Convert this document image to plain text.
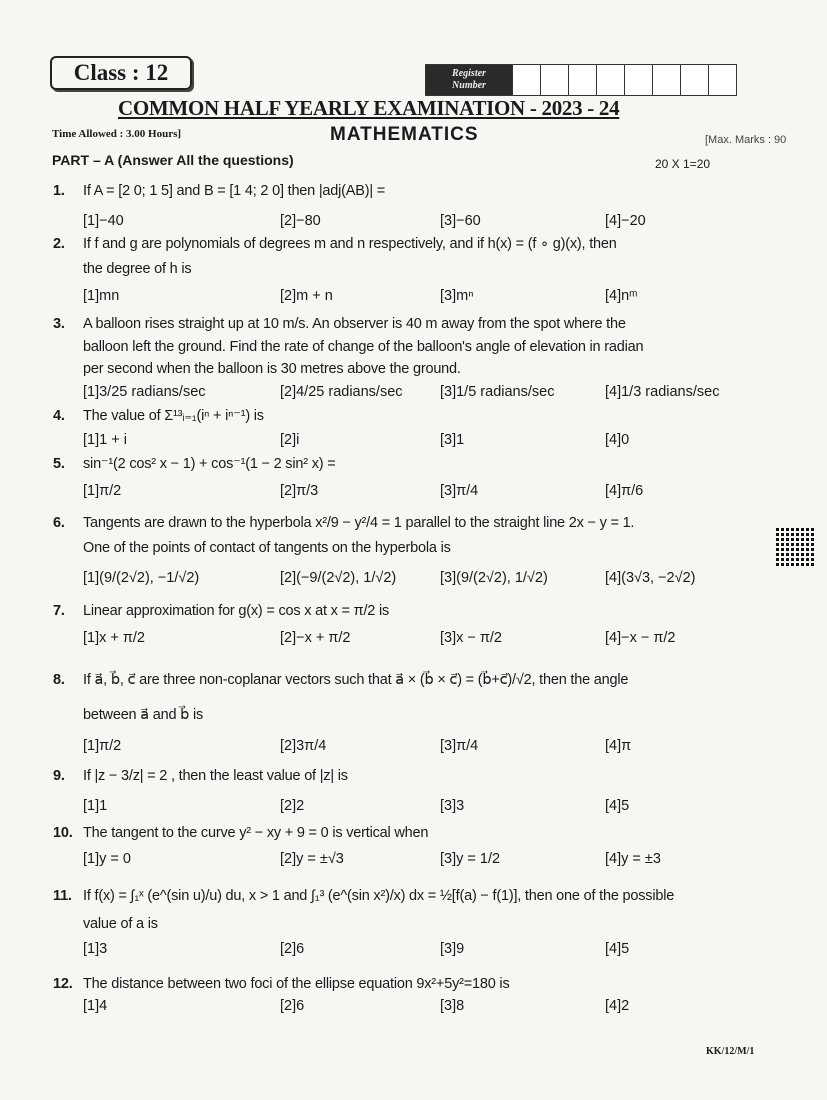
Class : 12	Register
Number
COMMON HALF YEARLY EXAMINATION - 2023 - 24
Time Allowed : 3.00 Hours]	MATHEMATICS	[Max. Marks : 90
PART – A (Answer All the questions)	20 X 1=20
1. If A = [2 0; 1 5] and B = [1 4; 2 0] then |adj(AB)| =
[1]−40	[2]−80	[3]−60	[4]−20
2. If f and g are polynomials of degrees m and n respectively, and if h(x) = (f ∘ g)(x), then
the degree of h is
[1]mn	[2]m + n	[3]mⁿ	[4]nᵐ
3. A balloon rises straight up at 10 m/s. An observer is 40 m away from the spot where the
balloon left the ground. Find the rate of change of the balloon's angle of elevation in radian
per second when the balloon is 30 metres above the ground.
[1]3/25 radians/sec	[2]4/25 radians/sec	[3]1/5 radians/sec	[4]1/3 radians/sec
4. The value of Σ¹³ᵢ₌₁(iⁿ + iⁿ⁻¹) is
[1]1 + i	[2]i	[3]1	[4]0
5. sin⁻¹(2 cos² x − 1) + cos⁻¹(1 − 2 sin² x) =
[1]π/2	[2]π/3	[3]π/4	[4]π/6
6. Tangents are drawn to the hyperbola x²/9 − y²/4 = 1 parallel to the straight line 2x − y = 1.
One of the points of contact of tangents on the hyperbola is
[1](9/(2√2), −1/√2)	[2](−9/(2√2), 1/√2)	[3](9/(2√2), 1/√2)	[4](3√3, −2√2)
7. Linear approximation for g(x) = cos x at x = π/2 is
[1]x + π/2	[2]−x + π/2	[3]x − π/2	[4]−x − π/2
8. If a⃗, b⃗, c⃗ are three non-coplanar vectors such that a⃗ × (b⃗ × c⃗) = (b⃗+c⃗)/√2, then the angle
between a⃗ and b⃗ is
[1]π/2	[2]3π/4	[3]π/4	[4]π
9. If |z − 3/z| = 2 , then the least value of |z| is
[1]1	[2]2	[3]3	[4]5
10. The tangent to the curve y² − xy + 9 = 0 is vertical when
[1]y = 0	[2]y = ±√3	[3]y = 1/2	[4]y = ±3
11. If f(x) = ∫₁ˣ (e^(sin u)/u) du, x > 1 and ∫₁³ (e^(sin x²)/x) dx = ½[f(a) − f(1)], then one of the possible
value of a is
[1]3	[2]6	[3]9	[4]5
12. The distance between two foci of the ellipse equation 9x²+5y²=180 is
[1]4	[2]6	[3]8	[4]2
KK/12/M/1
